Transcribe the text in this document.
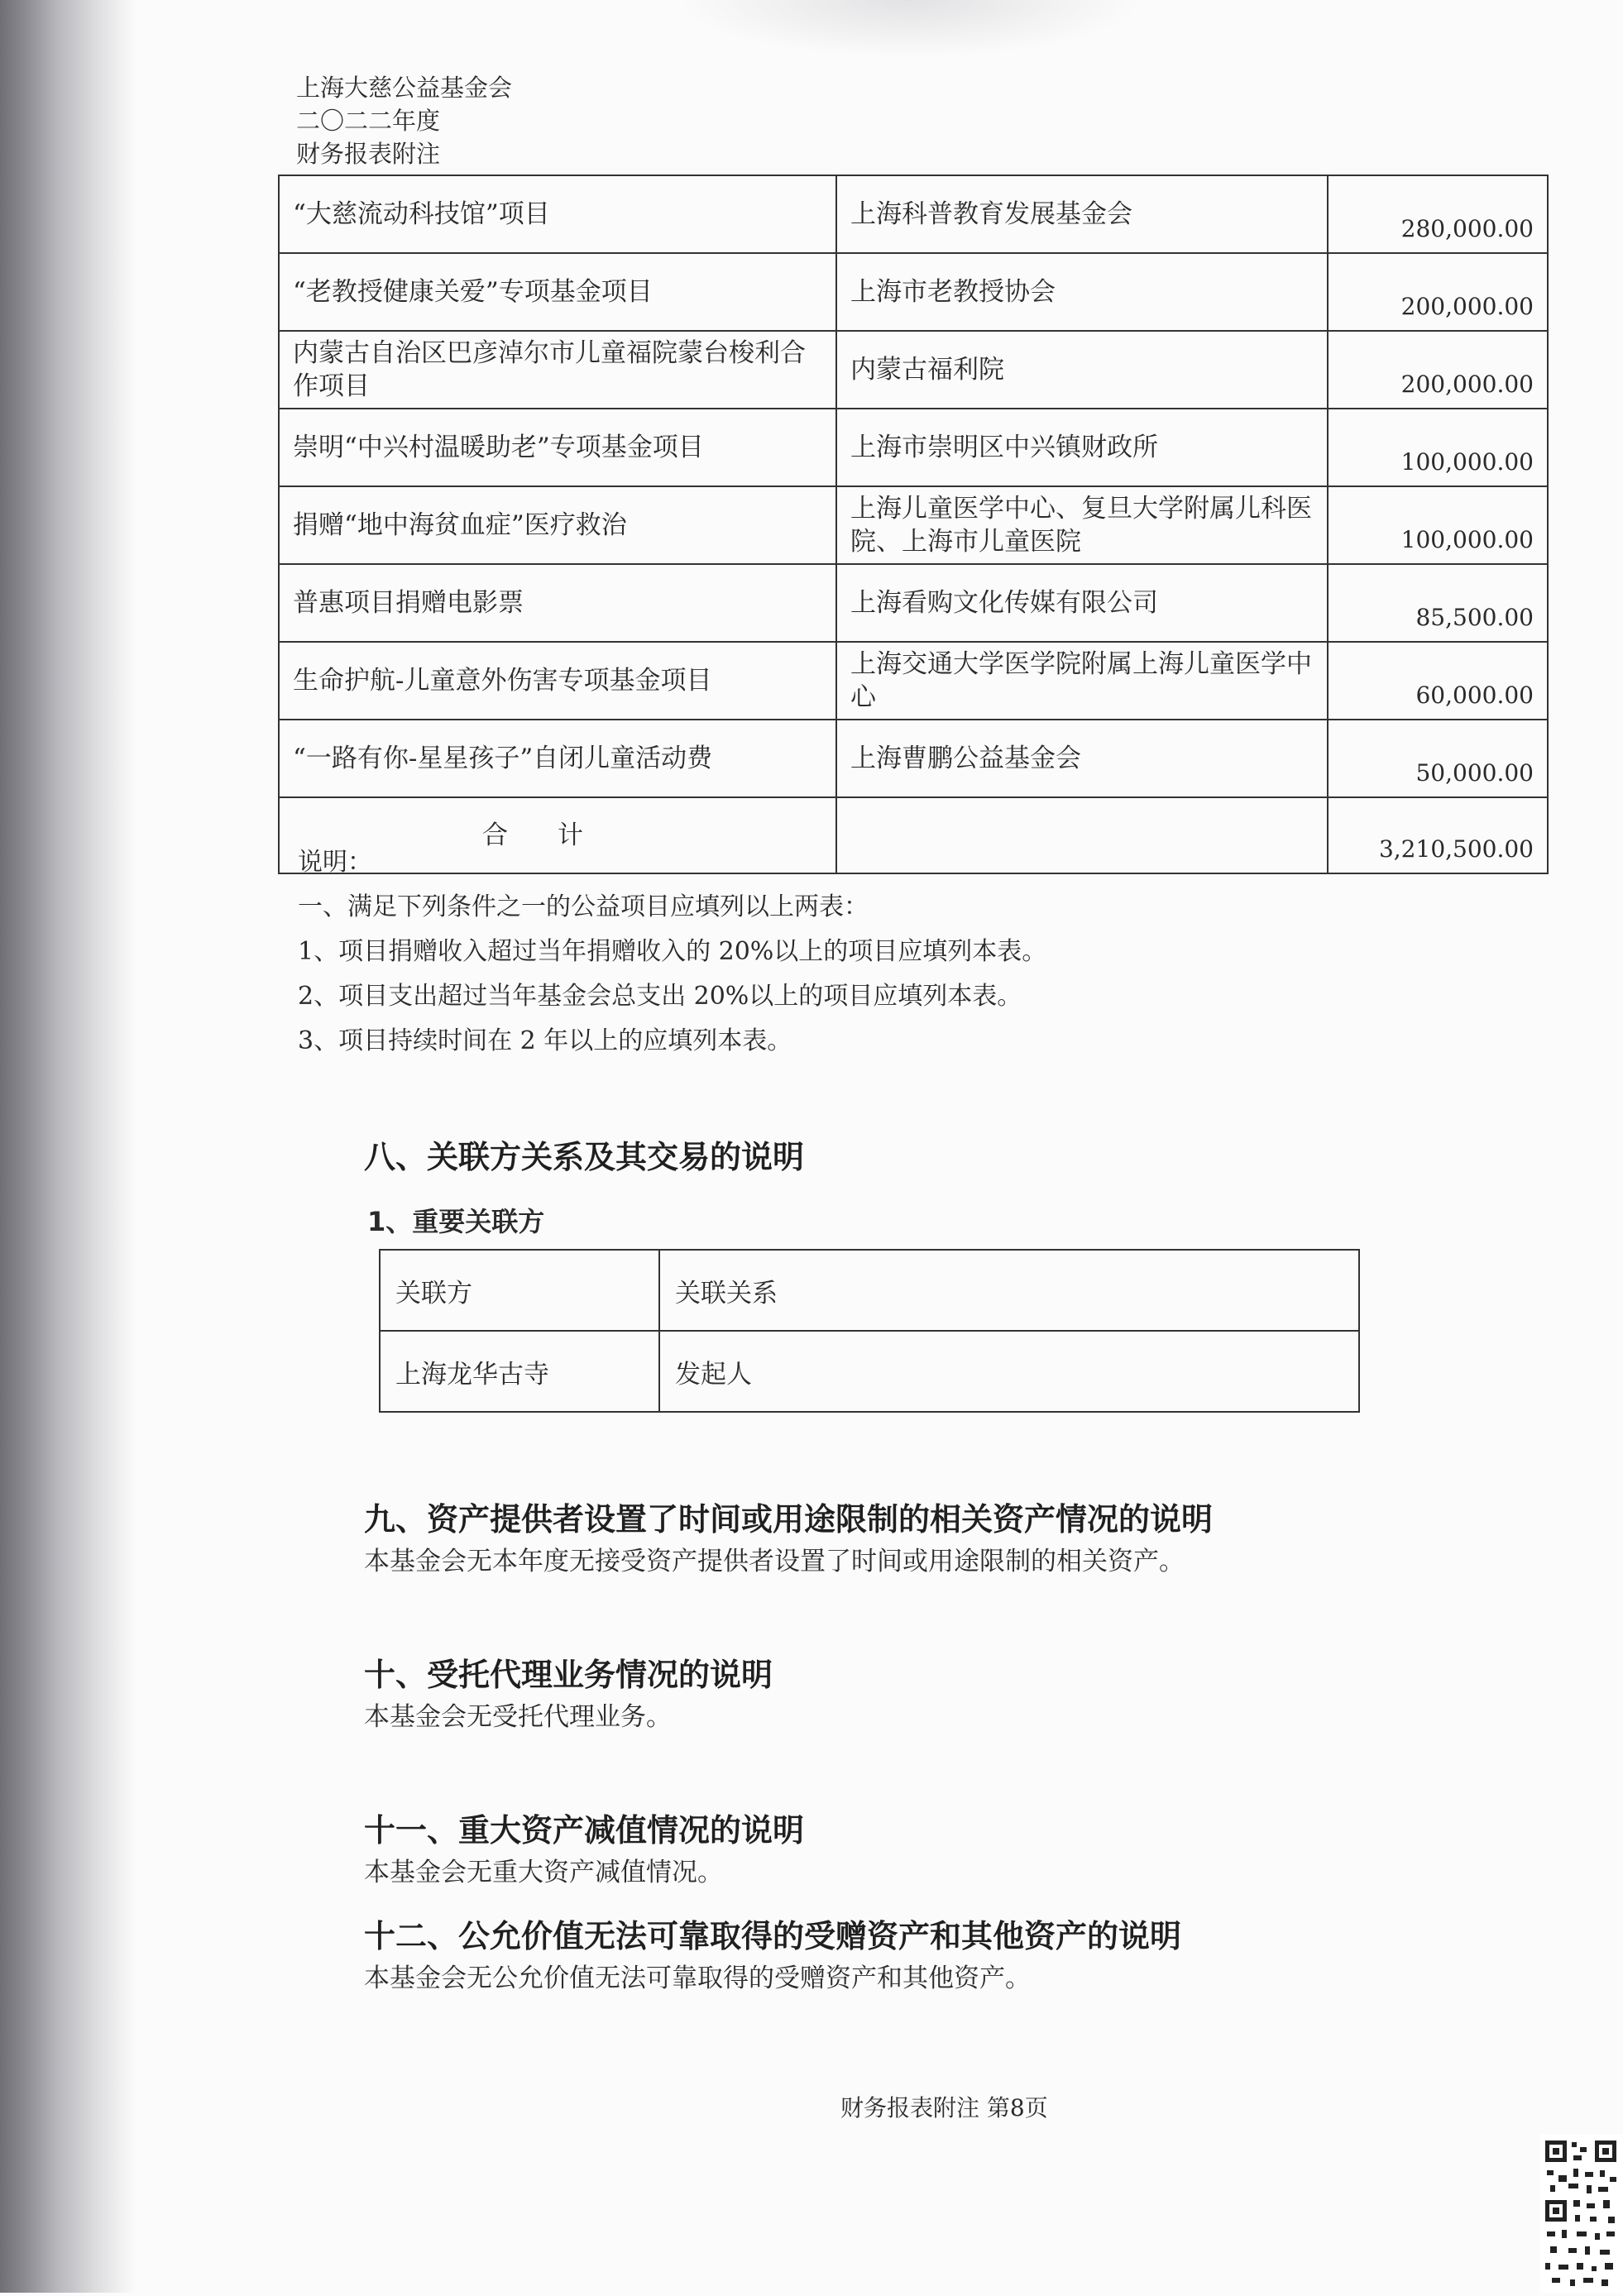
上海大慈公益基金会
二〇二二年度
财务报表附注
“大慈流动科技馆”项目	上海科普教育发展基金会	280,000.00
“老教授健康关爱”专项基金项目	上海市老教授协会	200,000.00
内蒙古自治区巴彦淖尔市儿童福院蒙台梭利合作项目	内蒙古福利院	200,000.00
崇明“中兴村温暖助老”专项基金项目	上海市崇明区中兴镇财政所	100,000.00
捐赠“地中海贫血症”医疗救治	上海儿童医学中心、复旦大学附属儿科医院、上海市儿童医院	100,000.00
普惠项目捐赠电影票	上海看购文化传媒有限公司	85,500.00
生命护航-儿童意外伤害专项基金项目	上海交通大学医学院附属上海儿童医学中心	60,000.00
“一路有你-星星孩子”自闭儿童活动费	上海曹鹏公益基金会	50,000.00
合计		3,210,500.00
说明：
一、满足下列条件之一的公益项目应填列以上两表：
1、项目捐赠收入超过当年捐赠收入的 20%以上的项目应填列本表。
2、项目支出超过当年基金会总支出 20%以上的项目应填列本表。
3、项目持续时间在 2 年以上的应填列本表。
八、关联方关系及其交易的说明
1、重要关联方
关联方	关联关系
上海龙华古寺	发起人
九、资产提供者设置了时间或用途限制的相关资产情况的说明
本基金会无本年度无接受资产提供者设置了时间或用途限制的相关资产。
十、受托代理业务情况的说明
本基金会无受托代理业务。
十一、重大资产减值情况的说明
本基金会无重大资产减值情况。
十二、公允价值无法可靠取得的受赠资产和其他资产的说明
本基金会无公允价值无法可靠取得的受赠资产和其他资产。
财务报表附注 第8页
